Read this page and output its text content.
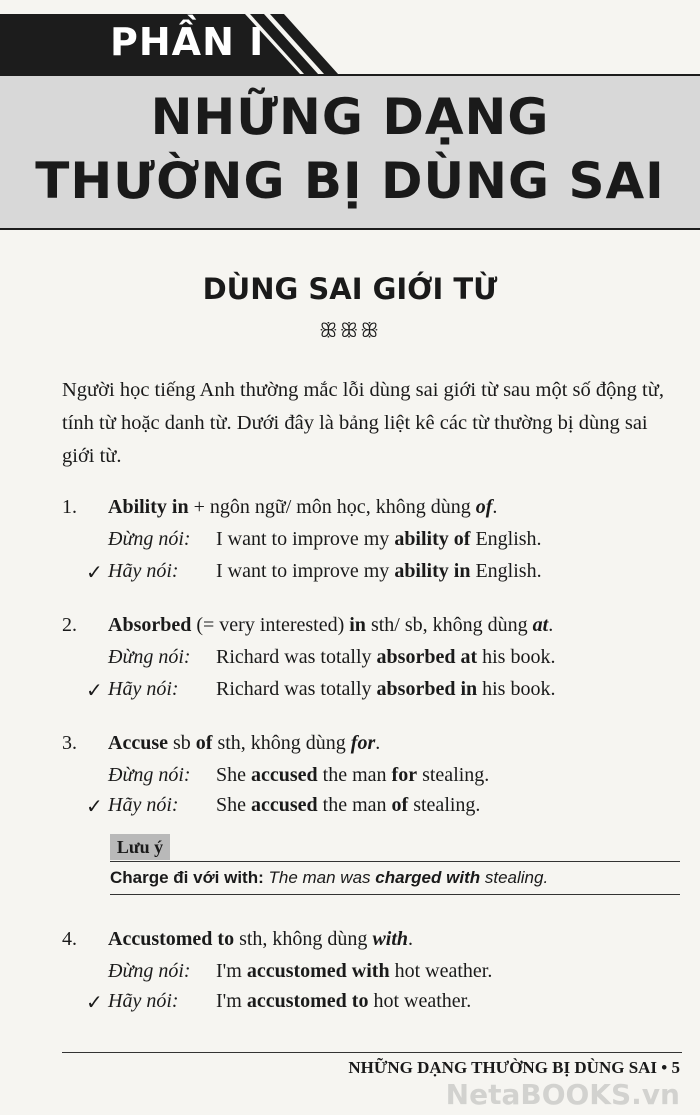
PHẦN I
NHỮNG DẠNG
THƯỜNG BỊ DÙNG SAI
DÙNG SAI GIỚI TỪ
ꕥꕥꕥ
Người học tiếng Anh thường mắc lỗi dùng sai giới từ sau một số động từ, tính từ hoặc danh từ. Dưới đây là bảng liệt kê các từ thường bị dùng sai giới từ.
1. Ability in + ngôn ngữ/ môn học, không dùng of.
Đừng nói: I want to improve my ability of English.
✓ Hãy nói: I want to improve my ability in English.
2. Absorbed (= very interested) in sth/ sb, không dùng at.
Đừng nói: Richard was totally absorbed at his book.
✓ Hãy nói: Richard was totally absorbed in his book.
3. Accuse sb of sth, không dùng for.
Đừng nói: She accused the man for stealing.
✓ Hãy nói: She accused the man of stealing.
Lưu ý
Charge đi với with: The man was charged with stealing.
4. Accustomed to sth, không dùng with.
Đừng nói: I'm accustomed with hot weather.
✓ Hãy nói: I'm accustomed to hot weather.
NHỮNG DẠNG THƯỜNG BỊ DÙNG SAI • 5
NetaBOOKS.vn
